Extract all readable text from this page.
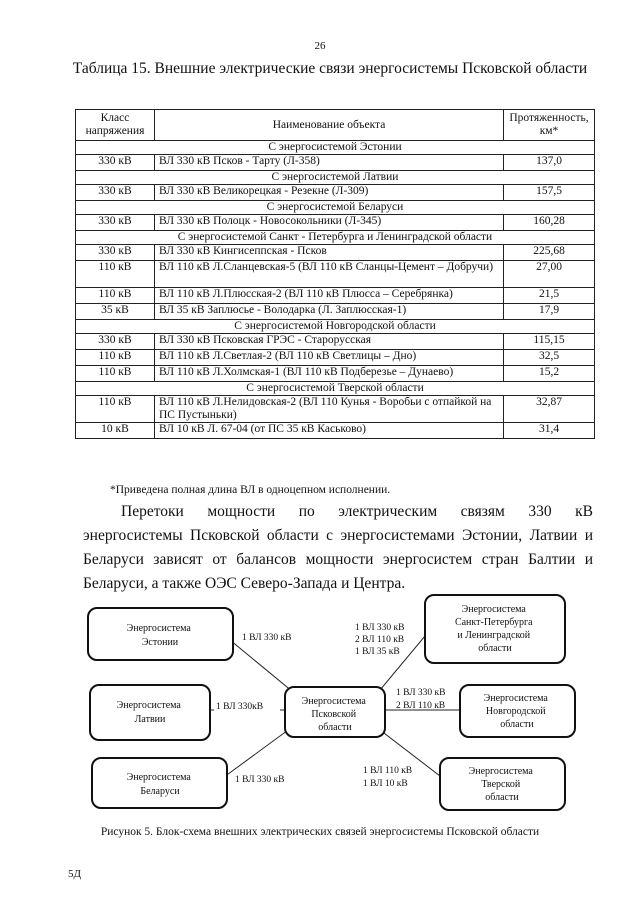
26
Таблица 15. Внешние электрические связи энергосистемы Псковской области
Класс напряжения	Наименование объекта	Протяженность, км*
С энергосистемой Эстонии		
330 кВ	ВЛ 330 кВ Псков - Тарту (Л-358)	137,0
С энергосистемой Латвии		
330 кВ	ВЛ 330 кВ Великорецкая - Резекне (Л-309)	157,5
С энергосистемой Беларуси		
330 кВ	ВЛ 330 кВ Полоцк - Новосокольники (Л-345)	160,28
С энергосистемой Санкт - Петербурга и Ленинградской области		
330 кВ	ВЛ 330 кВ Кингисеппская - Псков	225,68
110 кВ	ВЛ 110 кВ Л.Сланцевская-5 (ВЛ 110 кВ Сланцы-Цемент – Добручи)	27,00
110 кВ	ВЛ 110 кВ Л.Плюсская-2 (ВЛ 110 кВ Плюсса – Серебрянка)	21,5
35 кВ	ВЛ 35 кВ Заплюсье - Володарка (Л. Заплюсская-1)	17,9
С энергосистемой Новгородской области		
330 кВ	ВЛ 330 кВ Псковская ГРЭС - Старорусская	115,15
110 кВ	ВЛ 110 кВ Л.Светлая-2 (ВЛ 110 кВ Светлицы – Дно)	32,5
110 кВ	ВЛ 110 кВ Л.Холмская-1 (ВЛ 110 кВ Подберезье – Дунаево)	15,2
С энергосистемой Тверской области		
110 кВ	ВЛ 110 кВ Л.Нелидовская-2 (ВЛ 110 Кунья - Воробьи с отпайкой на ПС Пустыньки)	32,87
10 кВ	ВЛ 10 кВ Л. 67-04 (от ПС 35 кВ Каськово)	31,4
*Приведена полная длина ВЛ в одноцепном исполнении.
Перетоки мощности по электрическим связям 330 кВ
энергосистемы Псковской области с энергосистемами Эстонии, Латвии и Беларуси зависят от балансов мощности энергосистем стран Балтии и Беларуси, а также ОЭС Северо-Запада и Центра.
Энергосистема Эстонии
Энергосистема Латвии
Энергосистема Беларуси
Энергосистема Псковской области
Энергосистема Санкт-Петербурга и Ленинградской области
Энергосистема Новгородской области
Энергосистема Тверской области
1 ВЛ 330 кВ
1 ВЛ 330кВ
1 ВЛ 330 кВ
1 ВЛ 330 кВ 2 ВЛ 110 кВ 1 ВЛ 35 кВ
1 ВЛ 330 кВ 2 ВЛ 110 кВ
1 ВЛ 110 кВ 1 ВЛ 10 кВ
Рисунок 5. Блок-схема внешних электрических связей энергосистемы Псковской области
5Д
